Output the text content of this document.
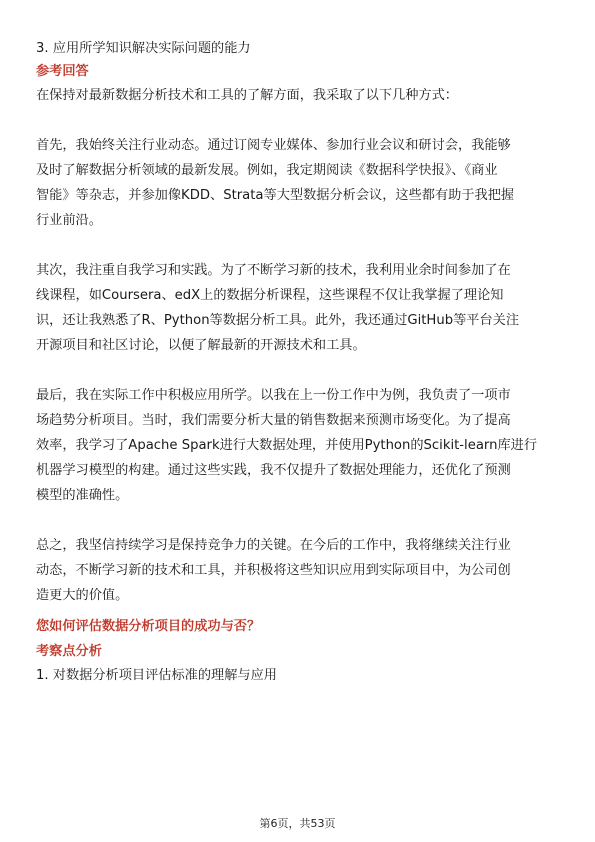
3. 应用所学知识解决实际问题的能力

参考回答

在保持对最新数据分析技术和工具的了解方面，我采取了以下几种方式：

首先，我始终关注行业动态。通过订阅专业媒体、参加行业会议和研讨会，我能够

及时了解数据分析领域的最新发展。例如，我定期阅读《数据科学快报》、《商业

智能》等杂志，并参加像KDD、Strata等大型数据分析会议，这些都有助于我把握

行业前沿。

其次，我注重自我学习和实践。为了不断学习新的技术，我利用业余时间参加了在

线课程，如Coursera、edX上的数据分析课程，这些课程不仅让我掌握了理论知

识，还让我熟悉了R、Python等数据分析工具。此外，我还通过GitHub等平台关注

开源项目和社区讨论，以便了解最新的开源技术和工具。

最后，我在实际工作中积极应用所学。以我在上一份工作中为例，我负责了一项市

场趋势分析项目。当时，我们需要分析大量的销售数据来预测市场变化。为了提高

效率，我学习了Apache Spark进行大数据处理，并使用Python的Scikit-learn库进行

机器学习模型的构建。通过这些实践，我不仅提升了数据处理能力，还优化了预测

模型的准确性。

总之，我坚信持续学习是保持竞争力的关键。在今后的工作中，我将继续关注行业

动态，不断学习新的技术和工具，并积极将这些知识应用到实际项目中，为公司创

造更大的价值。

您如何评估数据分析项目的成功与否？

考察点分析

1. 对数据分析项目评估标准的理解与应用

第6页，共53页
